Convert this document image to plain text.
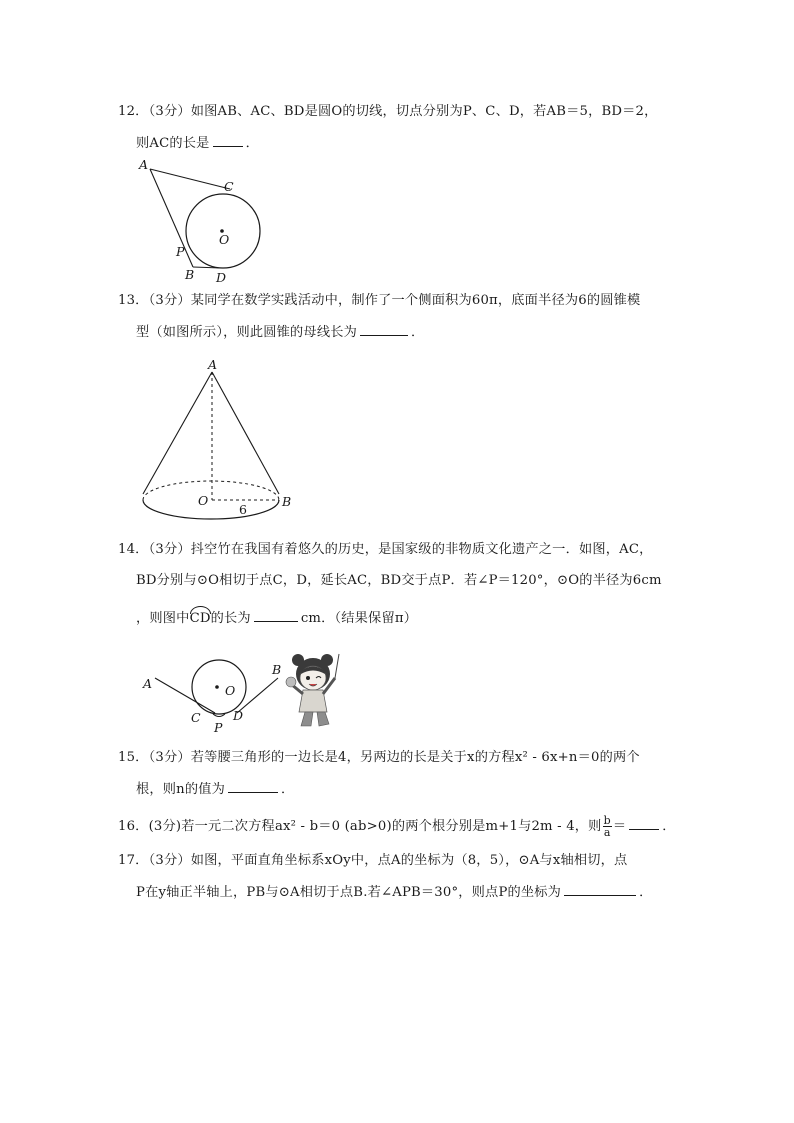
12．（3分）如图AB、AC、BD是圆O的切线，切点分别为P、C、D，若AB＝5，BD＝2，
则AC的长是	．
A
C
O
P
B D
13．（3分）某同学在数学实践活动中，制作了一个侧面积为60π，底面半径为6的圆锥模
型（如图所示），则此圆锥的母线长为	．
A
O	B
6
14．（3分）抖空竹在我国有着悠久的历史，是国家级的非物质文化遗产之一．如图，AC，
BD分别与⊙O相切于点C，D，延长AC，BD交于点P．若∠P＝120°，⊙O的半径为6cm
，则图中CD的长为	cm．（结果保留π）
A
B
O
C	D
P
15．（3分）若等腰三角形的一边长是4，另两边的长是关于x的方程x² - 6x+n＝0的两个
根，则n的值为	．
16．(3分)若一元二次方程ax² - b＝0 (ab>0)的两个根分别是m+1与2m - 4，则 $\frac{b}{a}$ ＝	．
17．（3分）如图，平面直角坐标系xOy中，点A的坐标为（8，5），⊙A与x轴相切，点
P在y轴正半轴上，PB与⊙A相切于点B.若∠APB＝30°，则点P的坐标为	．
